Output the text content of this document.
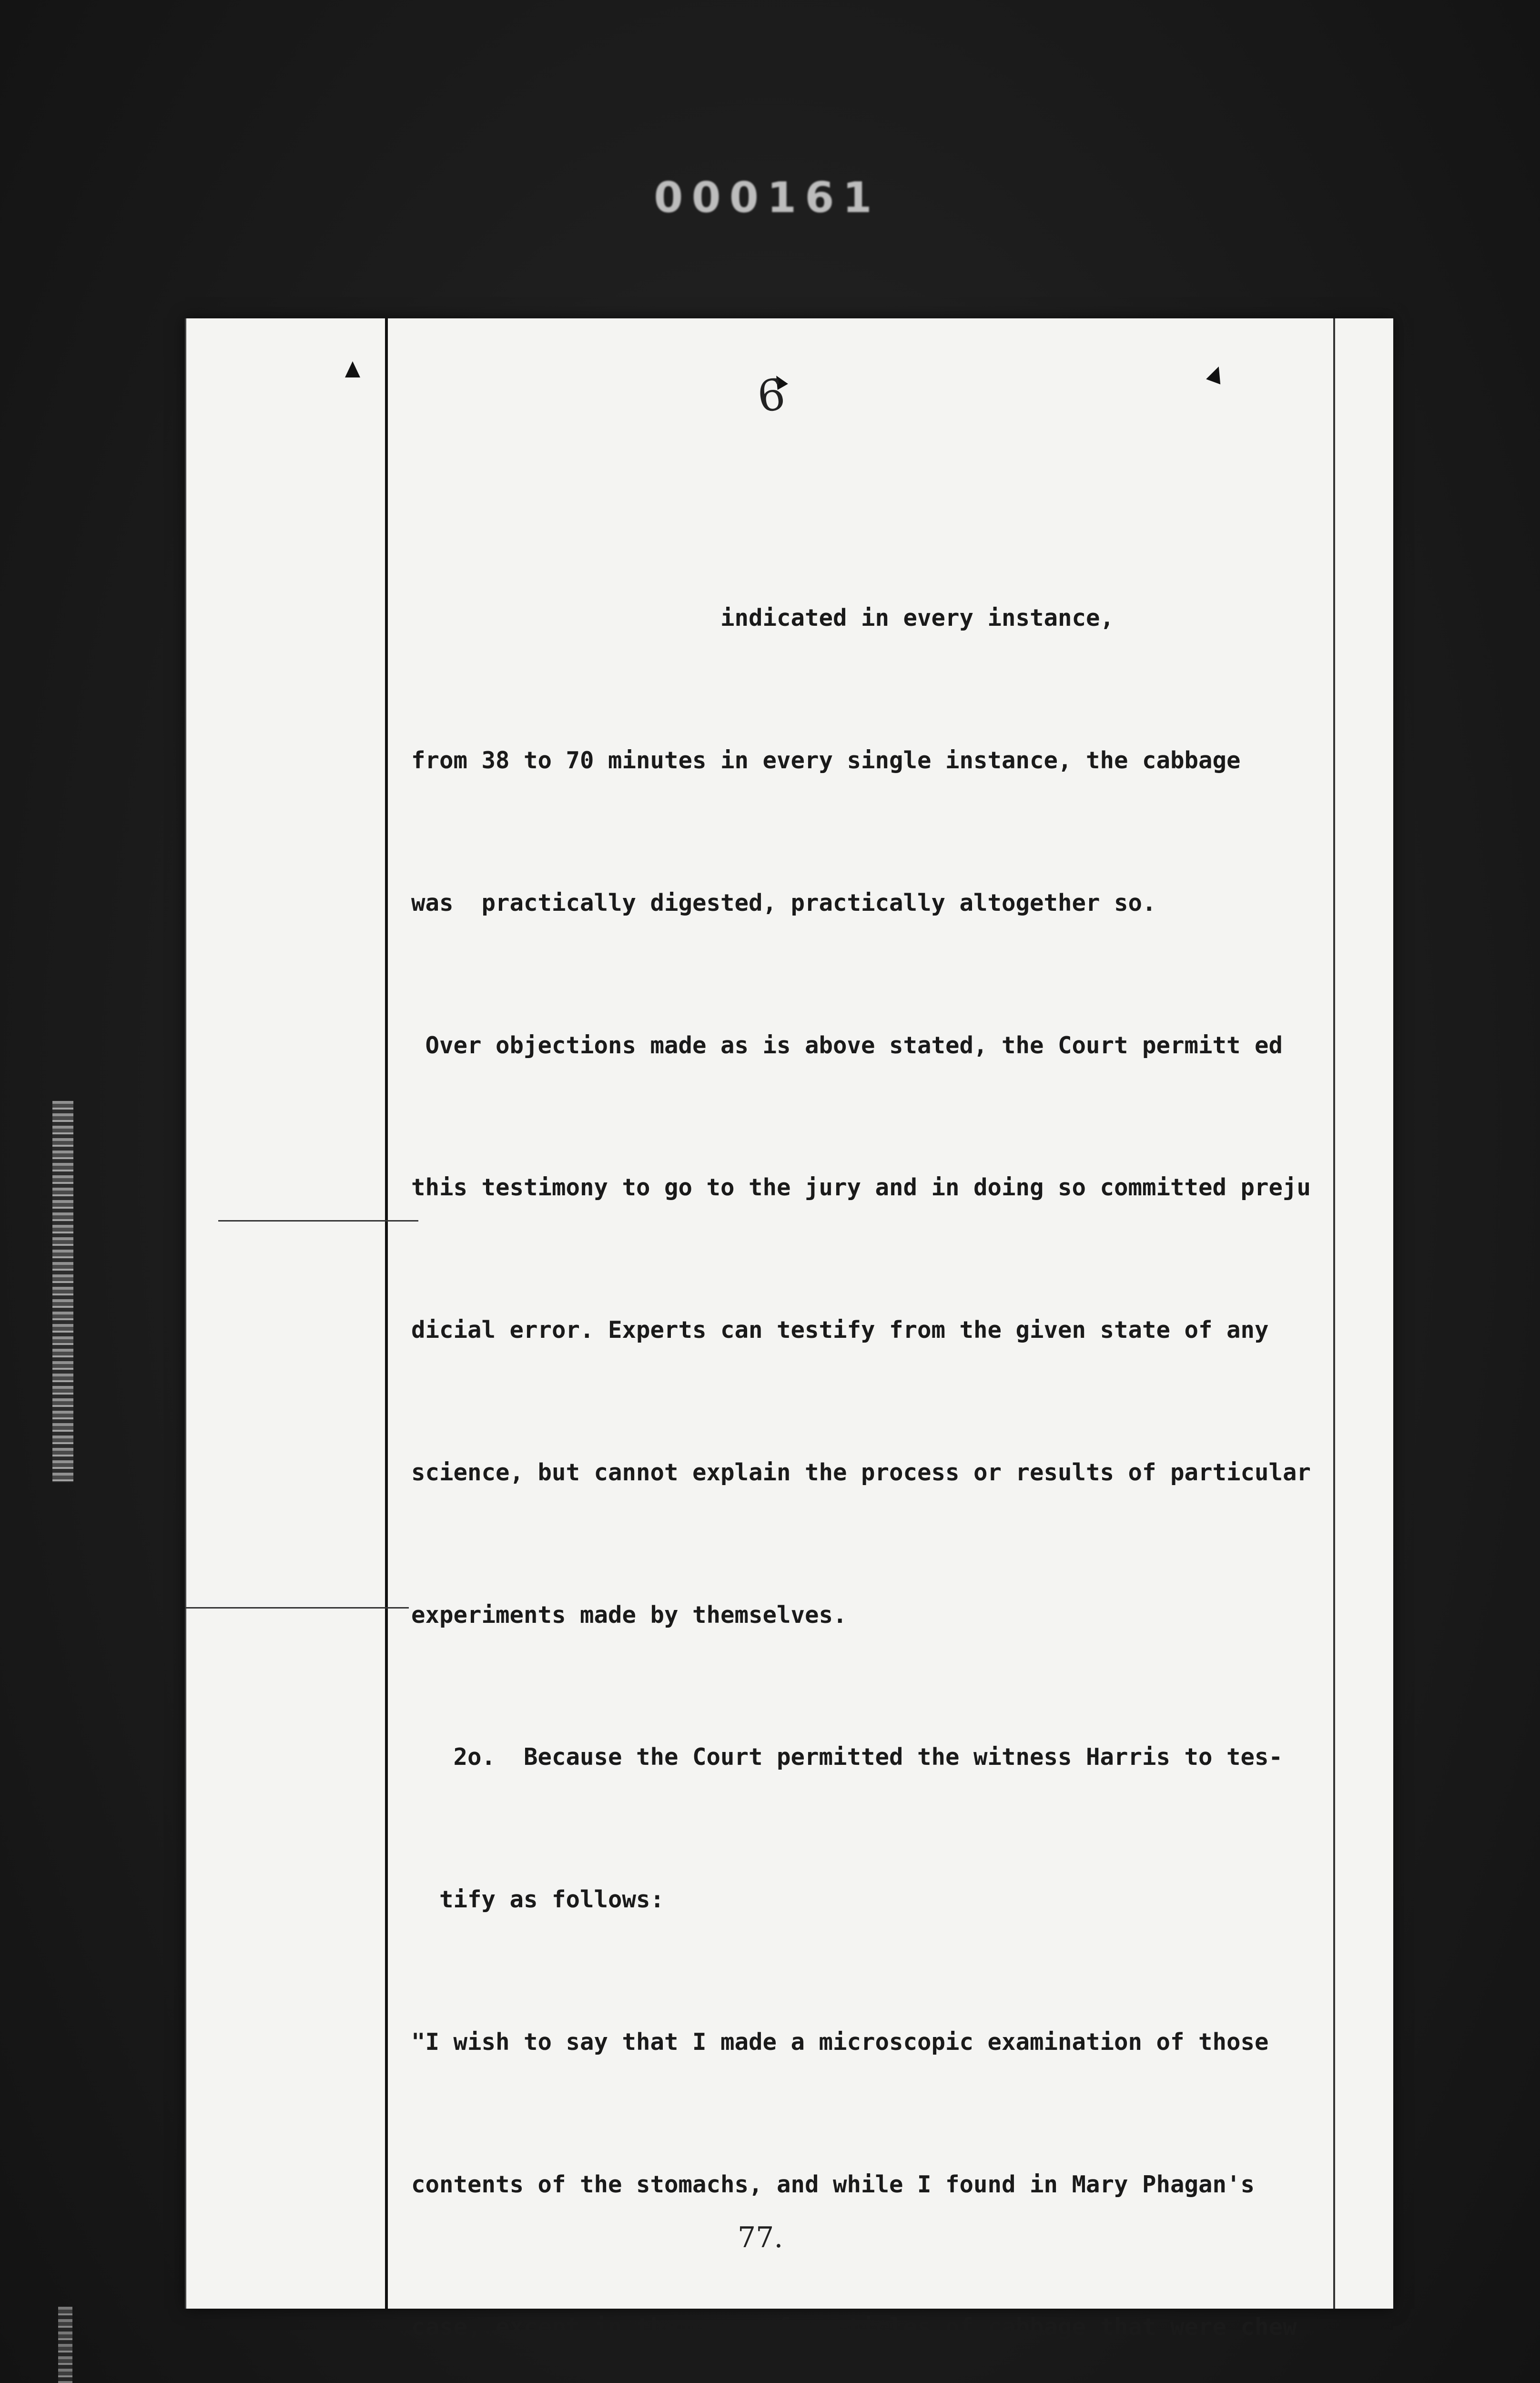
000161
6

indicated in every instance,

from 38 to 70 minutes in every single instance, the cabbage

was  practically digested, practically altogether so.

Over objections made as is above stated, the Court permitt ed

this testimony to go to the jury and in doing so committed preju

dicial error. Experts can testify from the given state of any

science, but cannot explain the process or results of particular

experiments made by themselves.

2o.  Because the Court permitted the witness Harris to tes-

tify as follows:

"I wish to say that I made a microscopic examination of those

contents of the stomachs, and while I found in Mary Phagan's

case, except in the case of particles of cabbage that were chew

77.
